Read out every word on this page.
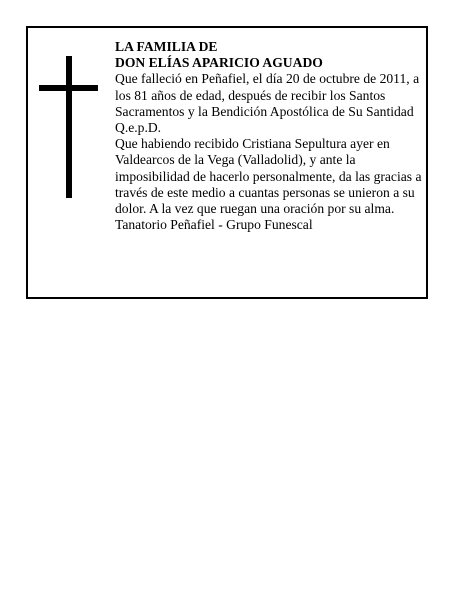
LA FAMILIA DE
DON ELÍAS APARICIO AGUADO

Que falleció en Peñafiel, el día 20 de octubre de 2011, a los 81 años de edad, después de recibir los Santos Sacramentos y la Bendición Apostólica de Su Santidad Q.e.p.D.

Que habiendo recibido Cristiana Sepultura ayer en Valdearcos de la Vega (Valladolid), y ante la imposibilidad de hacerlo personalmente, da las gracias a través de este medio a cuantas personas se unieron a su dolor. A la vez que ruegan una oración por su alma.

Tanatorio Peñafiel - Grupo Funescal
